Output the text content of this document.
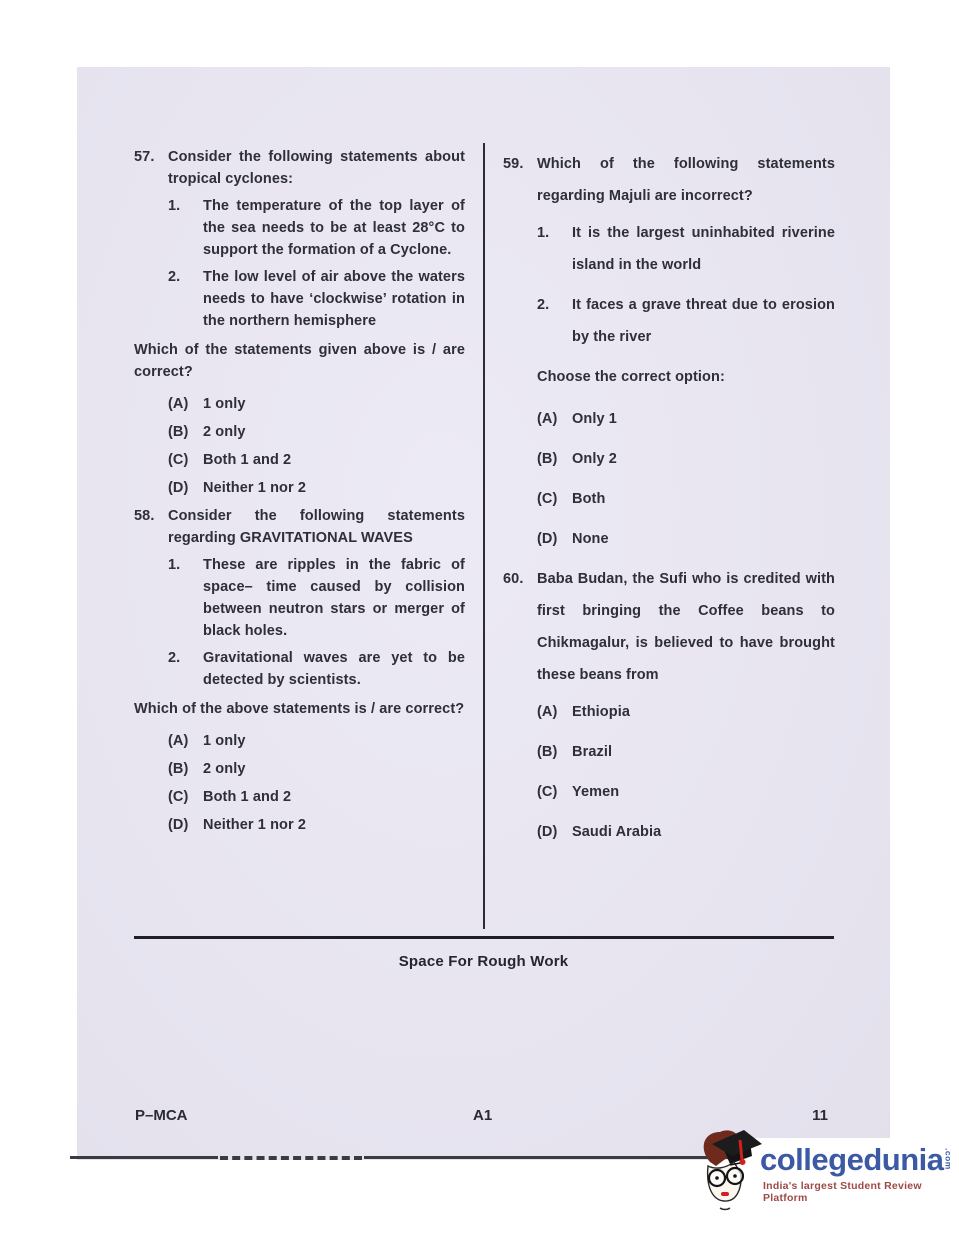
57. Consider the following statements about tropical cyclones:
1.	The temperature of the top layer of the sea needs to be at least 28°C to support the formation of a Cyclone.
2.	The low level of air above the waters needs to have ‘clockwise’ rotation in the northern hemisphere
Which of the statements given above is / are correct?
(A)	1 only
(B)	2 only
(C)	Both 1 and 2
(D)	Neither 1 nor 2
58. Consider the following statements regarding GRAVITATIONAL WAVES
1.	These are ripples in the fabric of space– time caused by collision between neutron stars or merger of black holes.
2.	Gravitational waves are yet to be detected by scientists.
Which of the above statements is / are correct?
(A)	1 only
(B)	2 only
(C)	Both 1 and 2
(D)	Neither 1 nor 2
59. Which of the following statements regarding Majuli are incorrect?
1.	It is the largest uninhabited riverine island in the world
2.	It faces a grave threat due to erosion by the river
Choose the correct option:
(A)	Only 1
(B)	Only 2
(C)	Both
(D)	None
60. Baba Budan, the Sufi who is credited with first bringing the Coffee beans to Chikmagalur, is believed to have brought these beans from
(A)	Ethiopia
(B)	Brazil
(C)	Yemen
(D)	Saudi Arabia
Space For Rough Work
P–MCA	A1	11
collegedunia .com
India's largest Student Review Platform
